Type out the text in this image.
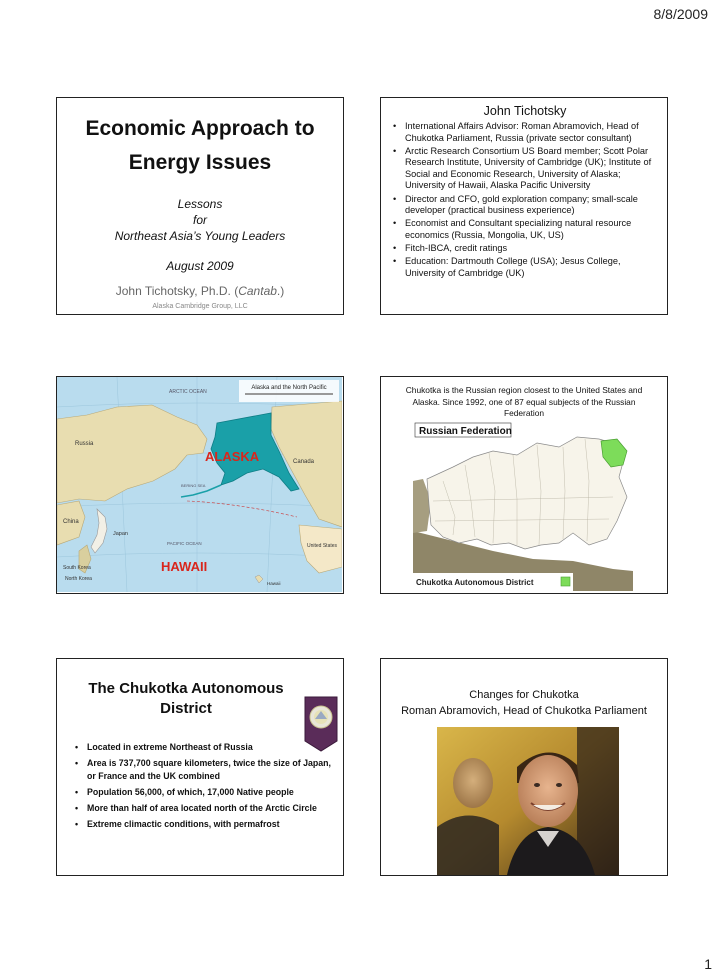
8/8/2009
Economic Approach to
Energy Issues
Lessons
for
Northeast Asia’s Young Leaders
August 2009
John Tichotsky, Ph.D. (Cantab.)
Alaska Cambridge Group, LLC
John Tichotsky
• International Affairs Advisor: Roman Abramovich, Head of Chukotka Parliament, Russia (private sector consultant)
• Arctic Research Consortium US Board member; Scott Polar Research Institute, University of Cambridge (UK); Institute of Social and Economic Research, University of Alaska; University of Hawaii, Alaska Pacific University
• Director and CFO, gold exploration company; small-scale developer (practical business experience)
• Economist and Consultant specializing natural resource economics (Russia, Mongolia, UK, US)
• Fitch-IBCA, credit ratings
• Education: Dartmouth College (USA); Jesus College, University of Cambridge (UK)
Alaska and the North Pacific
ARCTIC OCEAN
Russia
ALASKA	Canada
BERING SEA
China
Japan
PACIFIC OCEAN	United States
HAWAII
South Korea
North Korea
Hawaii
Chukotka is the Russian region closest to the United States and Alaska. Since 1992, one of 87 equal subjects of the Russian Federation
Russian Federation
Chukotka Autonomous District
The Chukotka Autonomous
District
• Located in extreme Northeast of Russia
• Area is 737,700 square kilometers, twice the size of Japan, or France and the UK combined
• Population 56,000, of which, 17,000 Native people
• More than half of area located north of the Arctic Circle
• Extreme climactic conditions, with permafrost
Changes for Chukotka
Roman Abramovich, Head of Chukotka Parliament
1
